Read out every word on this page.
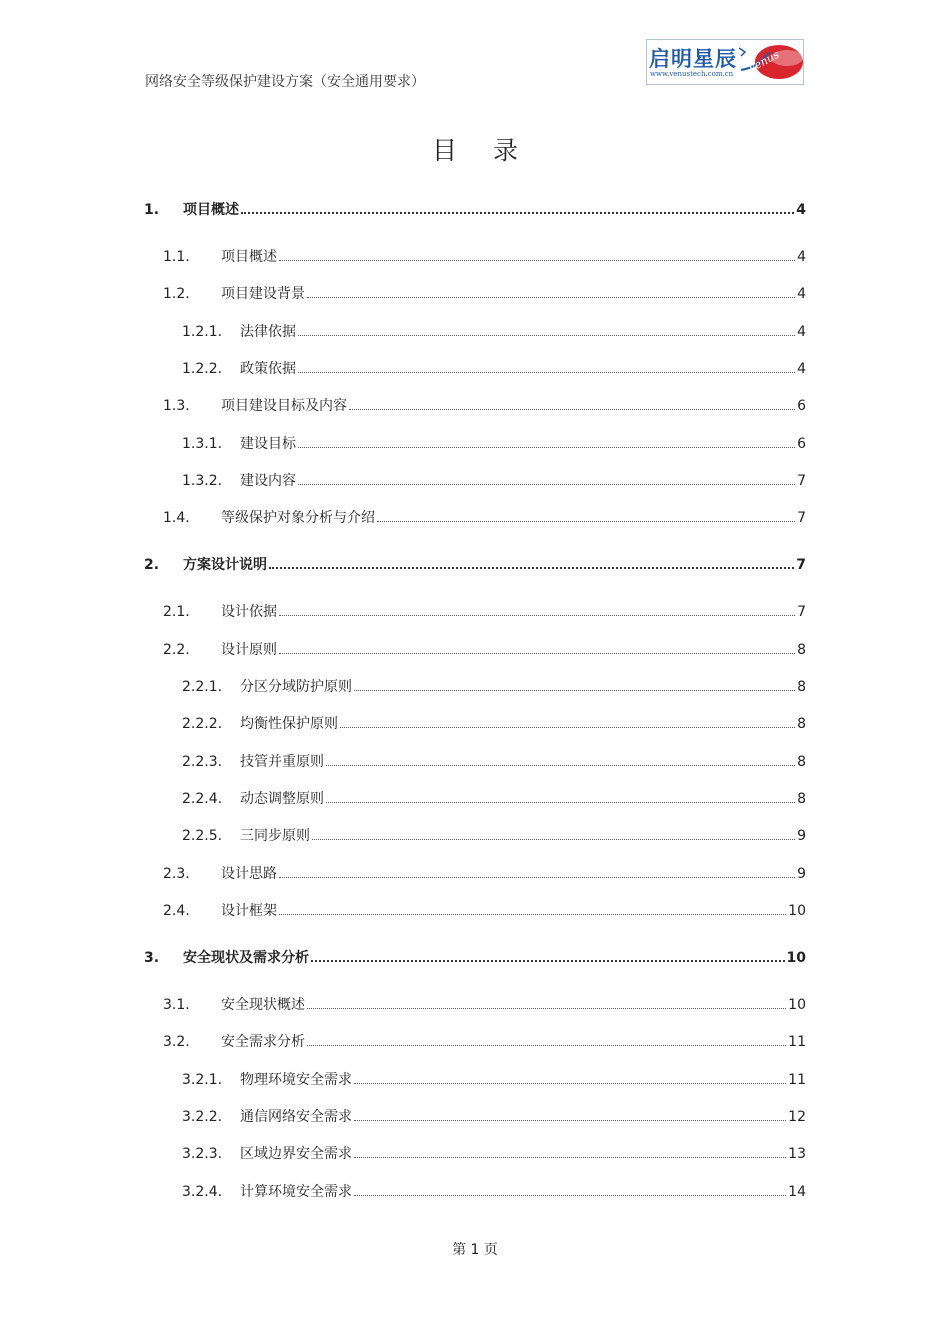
网络安全等级保护建设方案（安全通用要求）
启明星辰
www.venustech.com.cn Venus
目 录
1.	项目概述	4
1.1.	项目概述	4
1.2.	项目建设背景	4
1.2.1.	法律依据	4
1.2.2.	政策依据	4
1.3.	项目建设目标及内容	6
1.3.1.	建设目标	6
1.3.2.	建设内容	7
1.4.	等级保护对象分析与介绍	7
2.	方案设计说明	7
2.1.	设计依据	7
2.2.	设计原则	8
2.2.1.	分区分域防护原则	8
2.2.2.	均衡性保护原则	8
2.2.3.	技管并重原则	8
2.2.4.	动态调整原则	8
2.2.5.	三同步原则	9
2.3.	设计思路	9
2.4.	设计框架	10
3.	安全现状及需求分析	10
3.1.	安全现状概述	10
3.2.	安全需求分析	11
3.2.1.	物理环境安全需求	11
3.2.2.	通信网络安全需求	12
3.2.3.	区域边界安全需求	13
3.2.4.	计算环境安全需求	14
第 1 页
